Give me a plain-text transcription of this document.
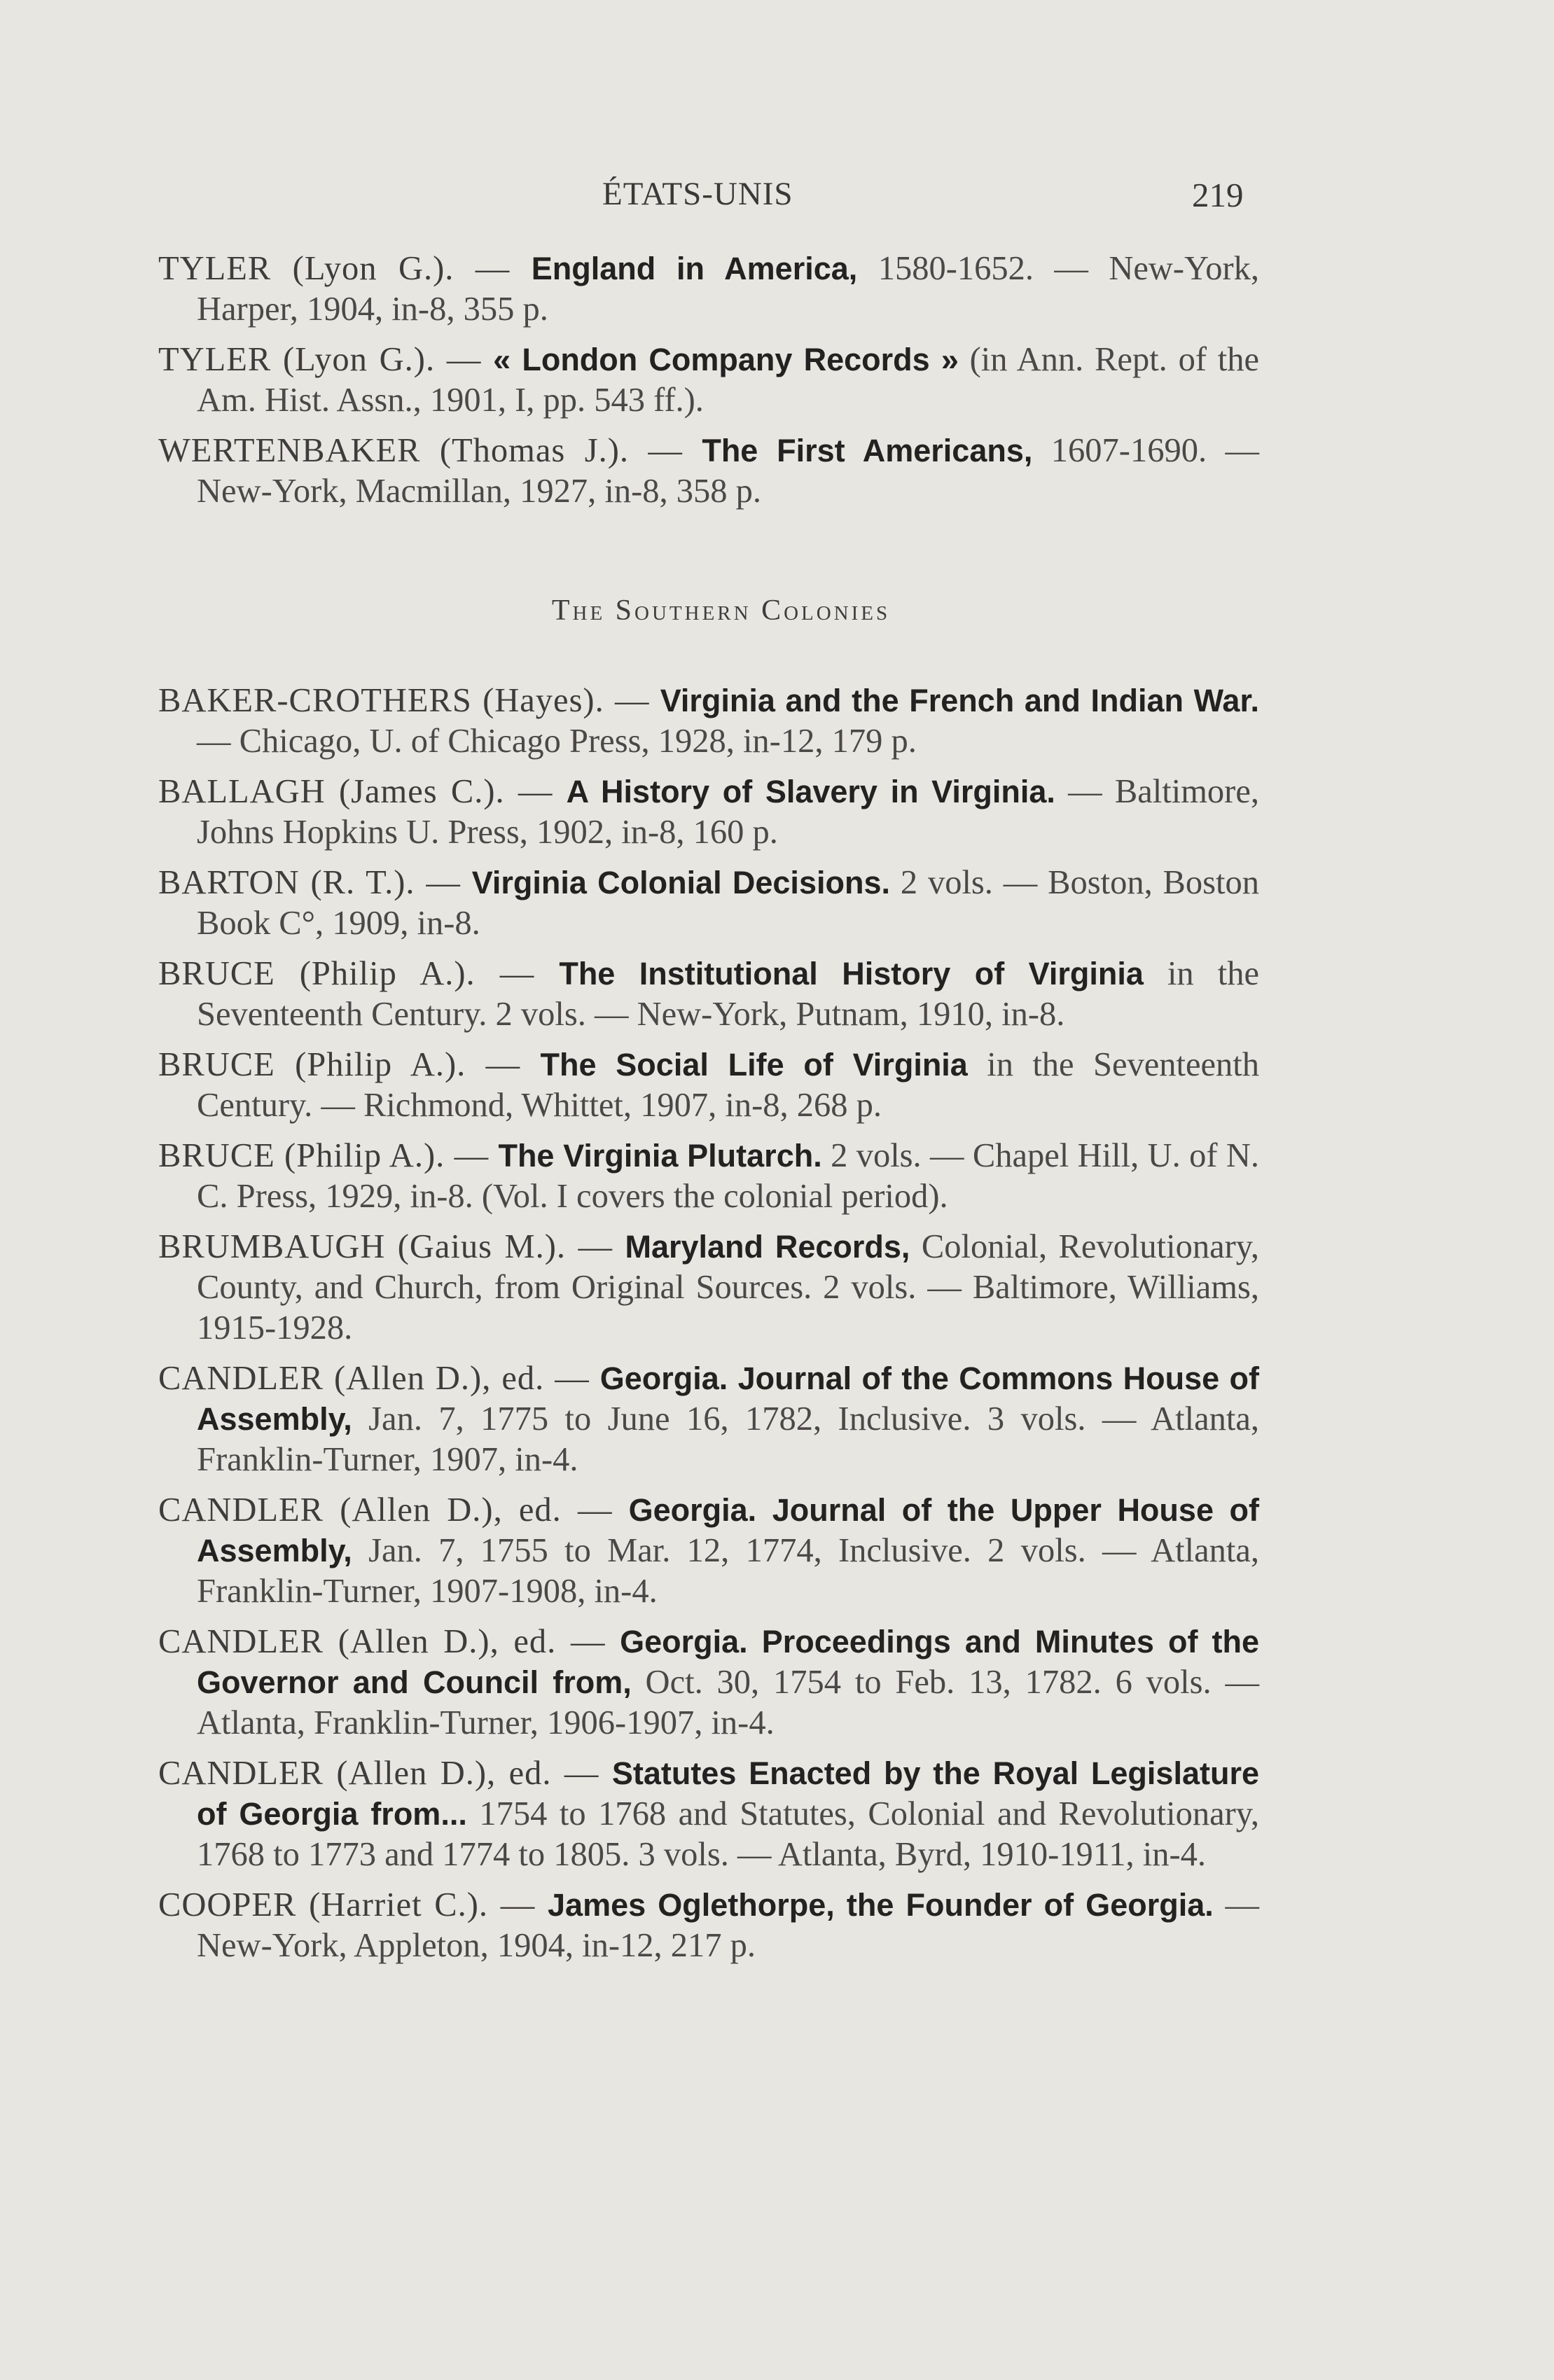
ÉTATS-UNIS	219

TYLER (Lyon G.). — England in America, 1580-1652. — New-York, Harper, 1904, in-8, 355 p.

TYLER (Lyon G.). — « London Company Records » (in Ann. Rept. of the Am. Hist. Assn., 1901, I, pp. 543 ff.).

WERTENBAKER (Thomas J.). — The First Americans, 1607-1690. — New-York, Macmillan, 1927, in-8, 358 p.

The Southern Colonies

BAKER-CROTHERS (Hayes). — Virginia and the French and Indian War. — Chicago, U. of Chicago Press, 1928, in-12, 179 p.

BALLAGH (James C.). — A History of Slavery in Virginia. — Baltimore, Johns Hopkins U. Press, 1902, in-8, 160 p.

BARTON (R. T.). — Virginia Colonial Decisions. 2 vols. — Boston, Boston Book C°, 1909, in-8.

BRUCE (Philip A.). — The Institutional History of Virginia in the Seventeenth Century. 2 vols. — New-York, Putnam, 1910, in-8.

BRUCE (Philip A.). — The Social Life of Virginia in the Seventeenth Century. — Richmond, Whittet, 1907, in-8, 268 p.

BRUCE (Philip A.). — The Virginia Plutarch. 2 vols. — Chapel Hill, U. of N. C. Press, 1929, in-8. (Vol. I covers the colonial period).

BRUMBAUGH (Gaius M.). — Maryland Records, Colonial, Revolutionary, County, and Church, from Original Sources. 2 vols. — Baltimore, Williams, 1915-1928.

CANDLER (Allen D.), ed. — Georgia. Journal of the Commons House of Assembly, Jan. 7, 1775 to June 16, 1782, Inclusive. 3 vols. — Atlanta, Franklin-Turner, 1907, in-4.

CANDLER (Allen D.), ed. — Georgia. Journal of the Upper House of Assembly, Jan. 7, 1755 to Mar. 12, 1774, Inclusive. 2 vols. — Atlanta, Franklin-Turner, 1907-1908, in-4.

CANDLER (Allen D.), ed. — Georgia. Proceedings and Minutes of the Governor and Council from, Oct. 30, 1754 to Feb. 13, 1782. 6 vols. — Atlanta, Franklin-Turner, 1906-1907, in-4.

CANDLER (Allen D.), ed. — Statutes Enacted by the Royal Legislature of Georgia from... 1754 to 1768 and Statutes, Colonial and Revolutionary, 1768 to 1773 and 1774 to 1805. 3 vols. — Atlanta, Byrd, 1910-1911, in-4.

COOPER (Harriet C.). — James Oglethorpe, the Founder of Georgia. — New-York, Appleton, 1904, in-12, 217 p.
